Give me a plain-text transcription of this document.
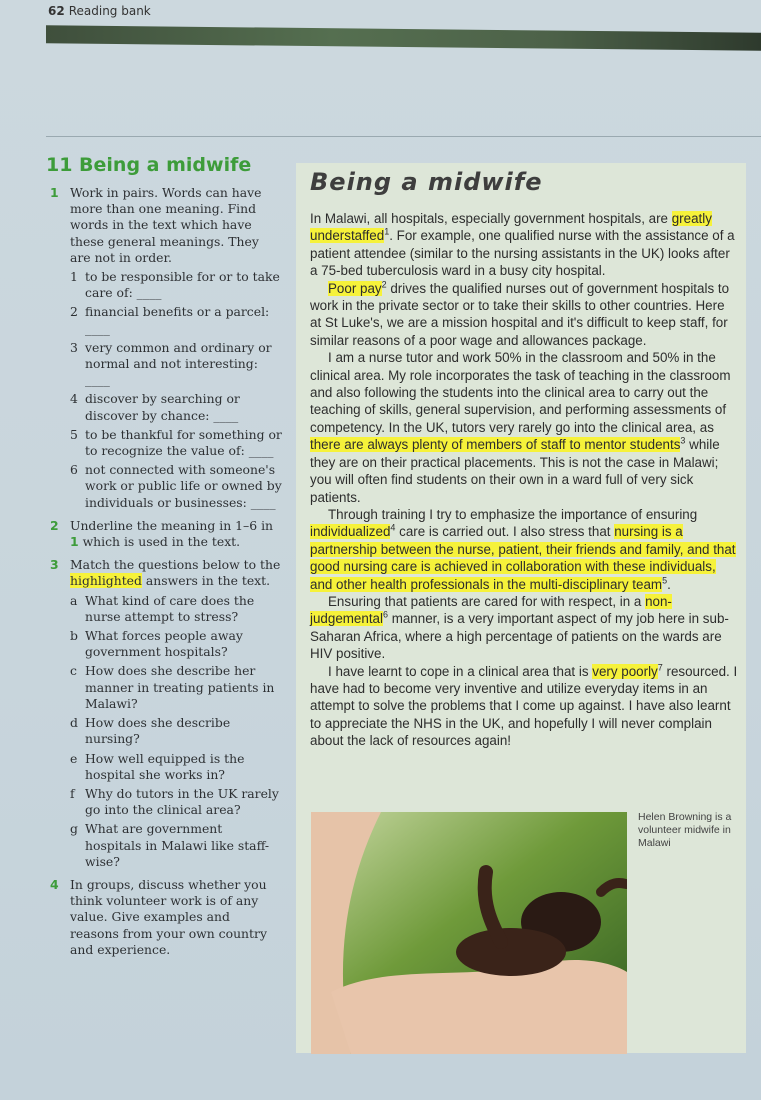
62 Reading bank
11 Being a midwife
1 Work in pairs. Words can have more than one meaning. Find words in the text which have these general meanings. They are not in order.
1 to be responsible for or to take care of: ____
2 financial benefits or a parcel: ____
3 very common and ordinary or normal and not interesting: ____
4 discover by searching or discover by chance: ____
5 to be thankful for something or to recognize the value of: ____
6 not connected with someone's work or public life or owned by individuals or businesses: ____
2 Underline the meaning in 1–6 in 1 which is used in the text.
3 Match the questions below to the highlighted answers in the text.
a What kind of care does the nurse attempt to stress?
b What forces people away government hospitals?
c How does she describe her manner in treating patients in Malawi?
d How does she describe nursing?
e How well equipped is the hospital she works in?
f Why do tutors in the UK rarely go into the clinical area?
g What are government hospitals in Malawi like staff-wise?
4 In groups, discuss whether you think volunteer work is of any value. Give examples and reasons from your own country and experience.
Being a midwife

In Malawi, all hospitals, especially government hospitals, are greatly understaffed$^1$. For example, one qualified nurse with the assistance of a patient attendee (similar to the nursing assistants in the UK) looks after a 75-bed tuberculosis ward in a busy city hospital.

Poor pay$^2$ drives the qualified nurses out of government hospitals to work in the private sector or to take their skills to other countries. Here at St Luke's, we are a mission hospital and it's difficult to keep staff, for similar reasons of a poor wage and allowances package.

I am a nurse tutor and work 50% in the classroom and 50% in the clinical area. My role incorporates the task of teaching in the classroom and also following the students into the clinical area to carry out the teaching of skills, general supervision, and performing assessments of competency. In the UK, tutors very rarely go into the clinical area, as there are always plenty of members of staff to mentor students$^3$ while they are on their practical placements. This is not the case in Malawi; you will often find students on their own in a ward full of very sick patients.

Through training I try to emphasize the importance of ensuring individualized$^4$ care is carried out. I also stress that nursing is a partnership between the nurse, patient, their friends and family, and that good nursing care is achieved in collaboration with these individuals, and other health professionals in the multi-disciplinary team$^5$.

Ensuring that patients are cared for with respect, in a non-judgemental$^6$ manner, is a very important aspect of my job here in sub-Saharan Africa, where a high percentage of patients on the wards are HIV positive.

I have learnt to cope in a clinical area that is very poorly$^7$ resourced. I have had to become very inventive and utilize everyday items in an attempt to solve the problems that I come up against. I have also learnt to appreciate the NHS in the UK, and hopefully I will never complain about the lack of resources again!

Helen Browning is a volunteer midwife in Malawi
